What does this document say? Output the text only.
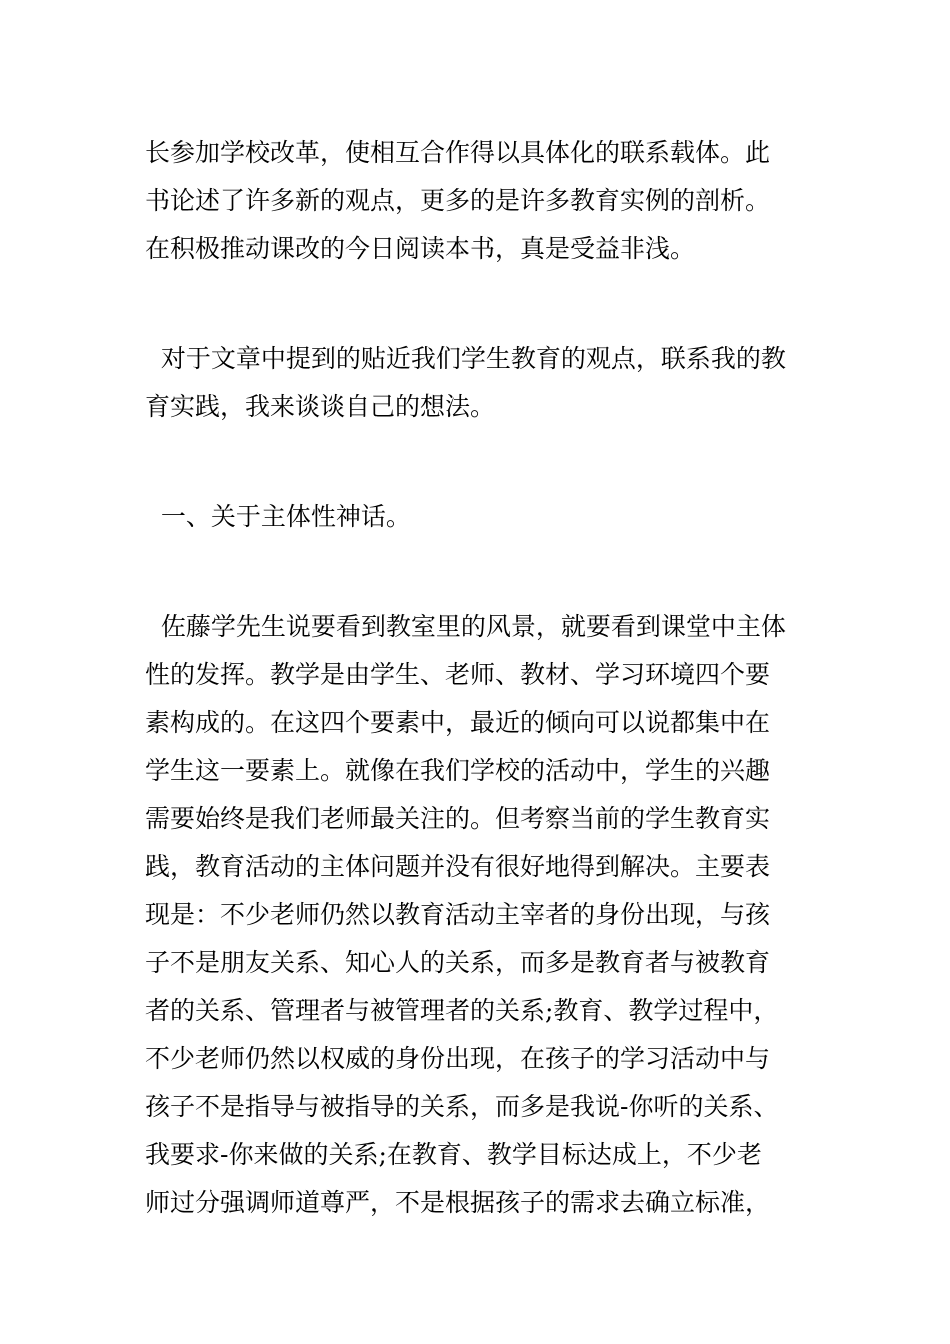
长参加学校改革，使相互合作得以具体化的联系载体。此
书论述了许多新的观点，更多的是许多教育实例的剖析。
在积极推动课改的今日阅读本书，真是受益非浅。
对于文章中提到的贴近我们学生教育的观点，联系我的教
育实践，我来谈谈自己的想法。
一、关于主体性神话。
佐藤学先生说要看到教室里的风景，就要看到课堂中主体
性的发挥。教学是由学生、老师、教材、学习环境四个要
素构成的。在这四个要素中，最近的倾向可以说都集中在
学生这一要素上。就像在我们学校的活动中，学生的兴趣
需要始终是我们老师最关注的。但考察当前的学生教育实
践，教育活动的主体问题并没有很好地得到解决。主要表
现是：不少老师仍然以教育活动主宰者的身份出现，与孩
子不是朋友关系、知心人的关系，而多是教育者与被教育
者的关系、管理者与被管理者的关系;教育、教学过程中，
不少老师仍然以权威的身份出现，在孩子的学习活动中与
孩子不是指导与被指导的关系，而多是我说-你听的关系、
我要求-你来做的关系;在教育、教学目标达成上，不少老
师过分强调师道尊严，不是根据孩子的需求去确立标准，
